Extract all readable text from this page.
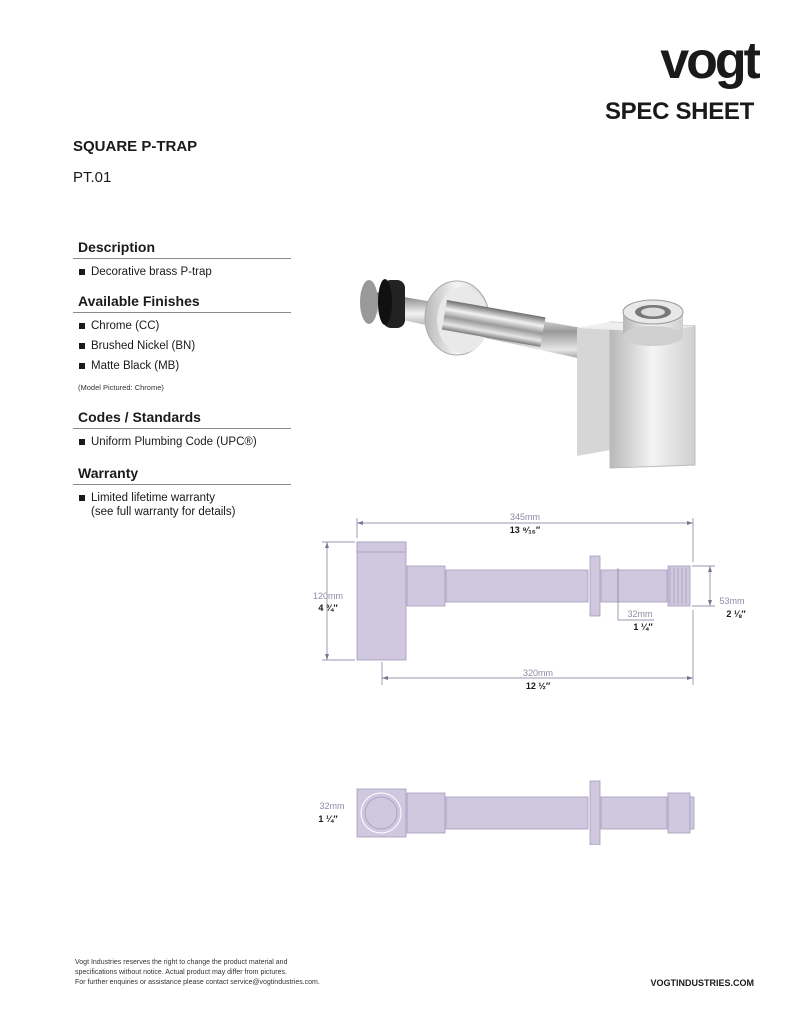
vogt
SPEC SHEET
SQUARE P-TRAP
PT.01
Description
Decorative brass P-trap
Available Finishes
Chrome (CC)
Brushed Nickel (BN)
Matte Black (MB)
(Model Pictured: Chrome)
Codes / Standards
Uniform Plumbing Code (UPC®)
Warranty
Limited lifetime warranty
(see full warranty for details)	345mm
13 ⁹⁄₁₆″
120mm
4 ¾″
32mm
1 ¼″
53mm
2 ⅛″
320mm
12 ½″
32mm
1 ¼″
Vogt Industries reserves the right to change the product material and
specifications without notice. Actual product may differ from pictures.
For further enquiries or assistance please contact service@vogtindustries.com.	VOGTINDUSTRIES.COM
